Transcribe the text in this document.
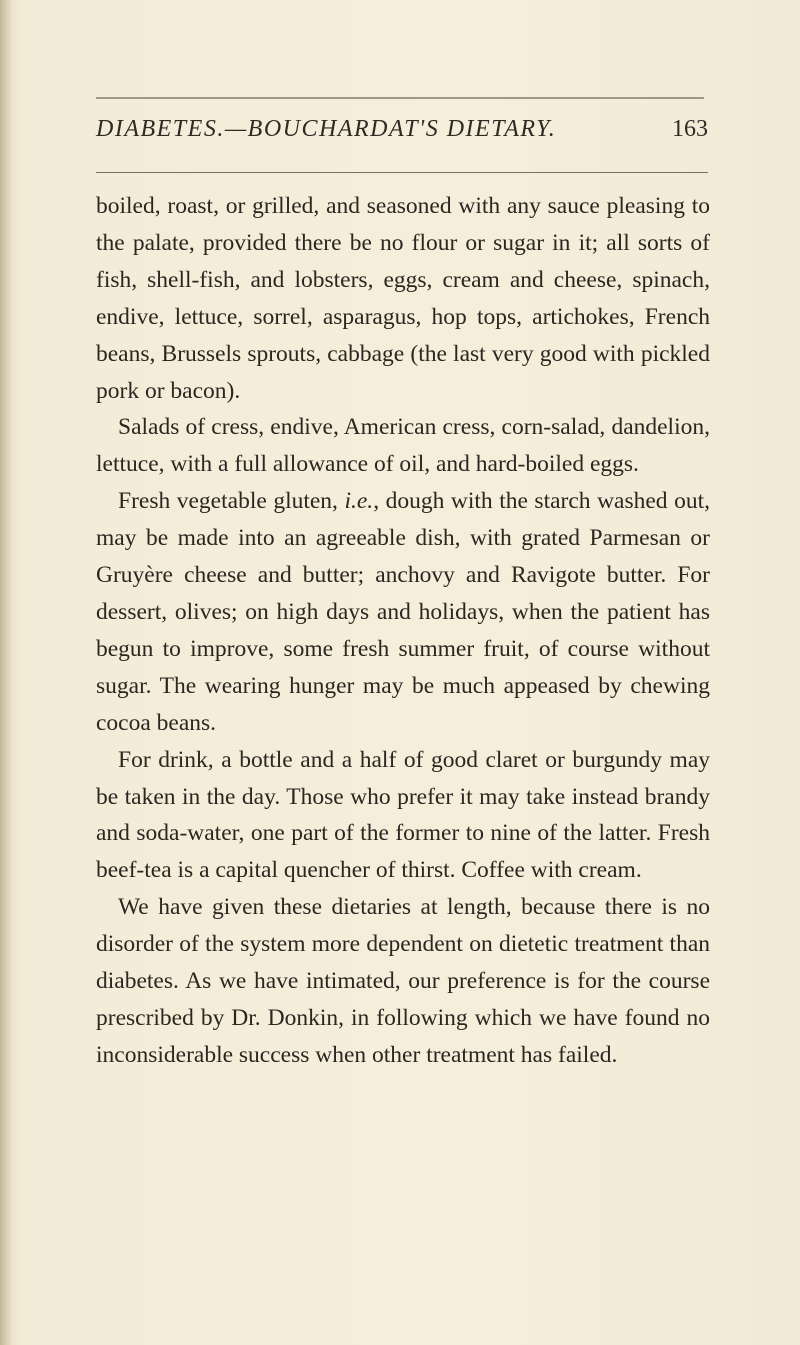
DIABETES.—BOUCHARDAT'S DIETARY.	163

boiled, roast, or grilled, and seasoned with any sauce pleasing to the palate, provided there be no flour or sugar in it; all sorts of fish, shell-fish, and lobsters, eggs, cream and cheese, spinach, endive, lettuce, sorrel, asparagus, hop tops, artichokes, French beans, Brussels sprouts, cabbage (the last very good with pickled pork or bacon).

Salads of cress, endive, American cress, corn-salad, dandelion, lettuce, with a full allowance of oil, and hard-boiled eggs.

Fresh vegetable gluten, i.e., dough with the starch washed out, may be made into an agreeable dish, with grated Parmesan or Gruyère cheese and butter; anchovy and Ravigote butter. For dessert, olives; on high days and holidays, when the patient has begun to improve, some fresh summer fruit, of course without sugar. The wearing hunger may be much appeased by chewing cocoa beans.

For drink, a bottle and a half of good claret or burgundy may be taken in the day. Those who prefer it may take instead brandy and soda-water, one part of the former to nine of the latter. Fresh beef-tea is a capital quencher of thirst. Coffee with cream.

We have given these dietaries at length, because there is no disorder of the system more dependent on dietetic treatment than diabetes. As we have intimated, our preference is for the course prescribed by Dr. Donkin, in following which we have found no inconsiderable success when other treatment has failed.
